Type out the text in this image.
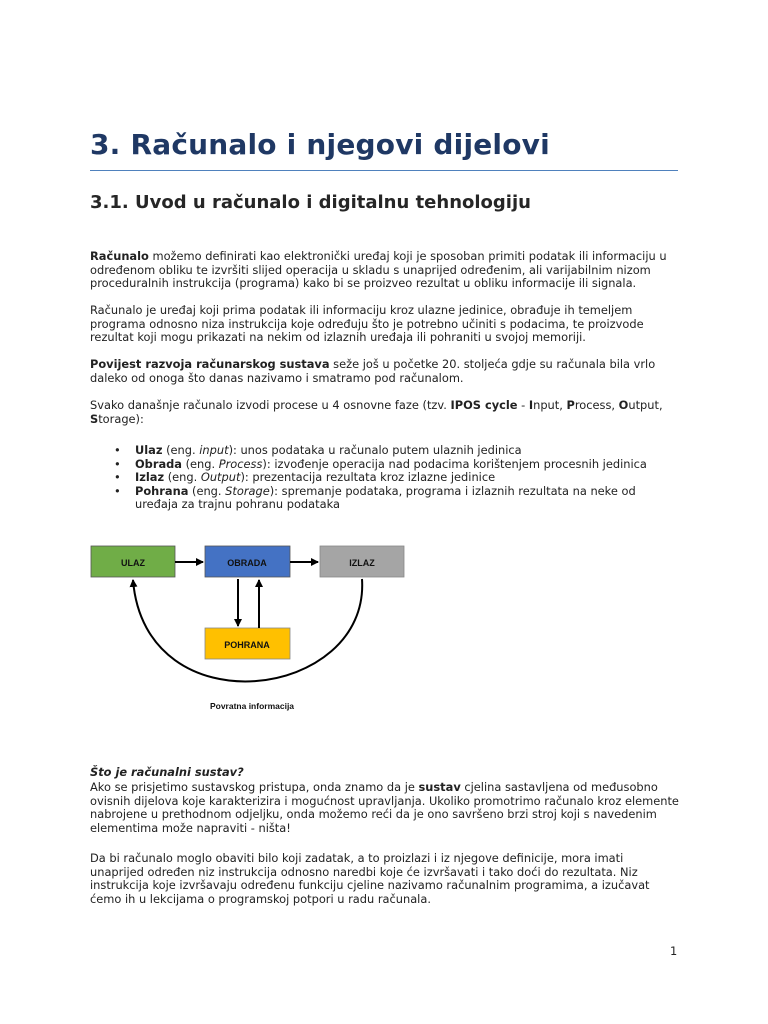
3. Računalo i njegovi dijelovi
3.1. Uvod u računalo i digitalnu tehnologiju

Računalo možemo definirati kao elektronički uređaj koji je sposoban primiti podatak ili informaciju u određenom obliku te izvršiti slijed operacija u skladu s unaprijed određenim, ali varijabilnim nizom proceduralnih instrukcija (programa) kako bi se proizveo rezultat u obliku informacije ili signala.

Računalo je uređaj koji prima podatak ili informaciju kroz ulazne jedinice, obrađuje ih temeljem programa odnosno niza instrukcija koje određuju što je potrebno učiniti s podacima, te proizvode rezultat koji mogu prikazati na nekim od izlaznih uređaja ili pohraniti u svojoj memoriji.

Povijest razvoja računarskog sustava seže još u početke 20. stoljeća gdje su računala bila vrlo daleko od onoga što danas nazivamo i smatramo pod računalom.

Svako današnje računalo izvodi procese u 4 osnovne faze (tzv. IPOS cycle - Input, Process, Output,
Storage):

• Ulaz (eng. input): unos podataka u računalo putem ulaznih jedinica
• Obrada (eng. Process): izvođenje operacija nad podacima korištenjem procesnih jedinica
• Izlaz (eng. Output): prezentacija rezultata kroz izlazne jedinice
• Pohrana (eng. Storage): spremanje podataka, programa i izlaznih rezultata na neke od uređaja za trajnu pohranu podataka
ULAZ	OBRADA	IZLAZ
POHRANA
Povratna informacija

Što je računalni sustav?

Ako se prisjetimo sustavskog pristupa, onda znamo da je sustav cjelina sastavljena od međusobno ovisnih dijelova koje karakterizira i mogućnost upravljanja. Ukoliko promotrimo računalo kroz elemente nabrojene u prethodnom odjeljku, onda možemo reći da je ono savršeno brzi stroj koji s navedenim elementima može napraviti - ništa!

Da bi računalo moglo obaviti bilo koji zadatak, a to proizlazi i iz njegove definicije, mora imati unaprijed određen niz instrukcija odnosno naredbi koje će izvršavati i tako doći do rezultata. Niz instrukcija koje izvršavaju određenu funkciju cjeline nazivamo računalnim programima, a izučavat ćemo ih u lekcijama o programskoj potpori u radu računala.

1
